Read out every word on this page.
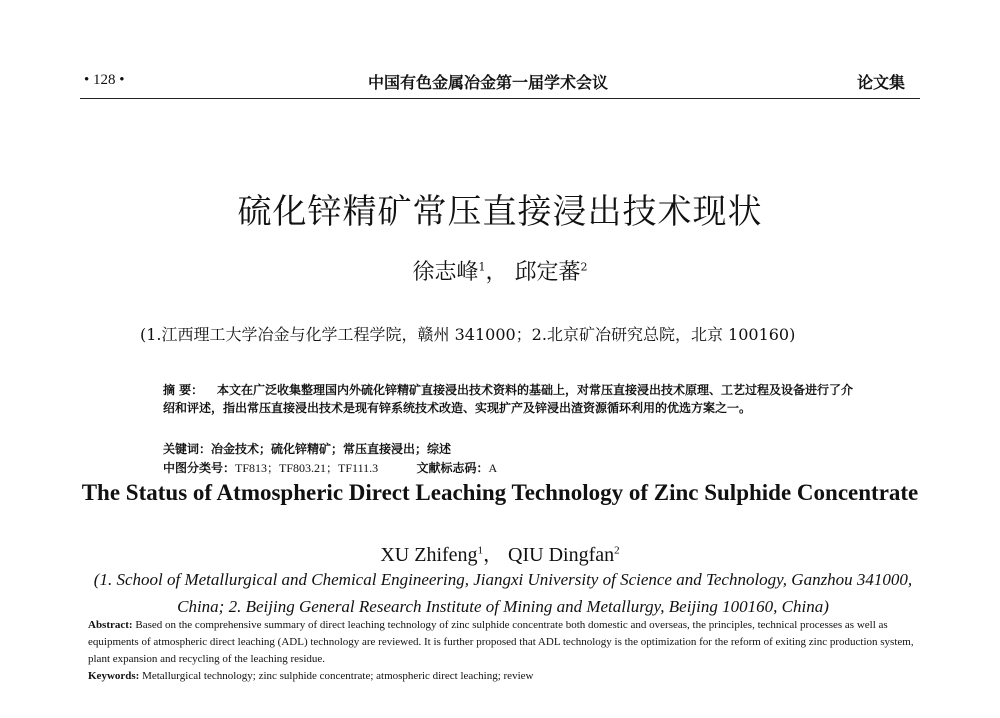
• 128 •	中国有色金属冶金第一届学术会议	论文集
硫化锌精矿常压直接浸出技术现状
徐志峰$^1$， 邱定蕃$^2$
(1.江西理工大学冶金与化学工程学院，赣州 341000；2.北京矿冶研究总院，北京 100160)
摘 要： 本文在广泛收集整理国内外硫化锌精矿直接浸出技术资料的基础上，对常压直接浸出技术原理、工艺过程及设备进行了介绍和评述，指出常压直接浸出技术是现有锌系统技术改造、实现扩产及锌浸出渣资源循环利用的优选方案之一。
关键词：冶金技术；硫化锌精矿；常压直接浸出；综述
中图分类号：TF813；TF803.21；TF111.3	文献标志码：A
The Status of Atmospheric Direct Leaching Technology of Zinc Sulphide Concentrate
XU Zhifeng$^1$， QIU Dingfan$^2$
(1. School of Metallurgical and Chemical Engineering, Jiangxi University of Science and Technology, Ganzhou 341000, China; 2. Beijing General Research Institute of Mining and Metallurgy, Beijing 100160, China)
Abstract: Based on the comprehensive summary of direct leaching technology of zinc sulphide concentrate both domestic and overseas, the principles, technical processes as well as equipments of atmospheric direct leaching (ADL) technology are reviewed. It is further proposed that ADL technology is the optimization for the reform of exiting zinc production system, plant expansion and recycling of the leaching residue.
Keywords: Metallurgical technology; zinc sulphide concentrate; atmospheric direct leaching; review
